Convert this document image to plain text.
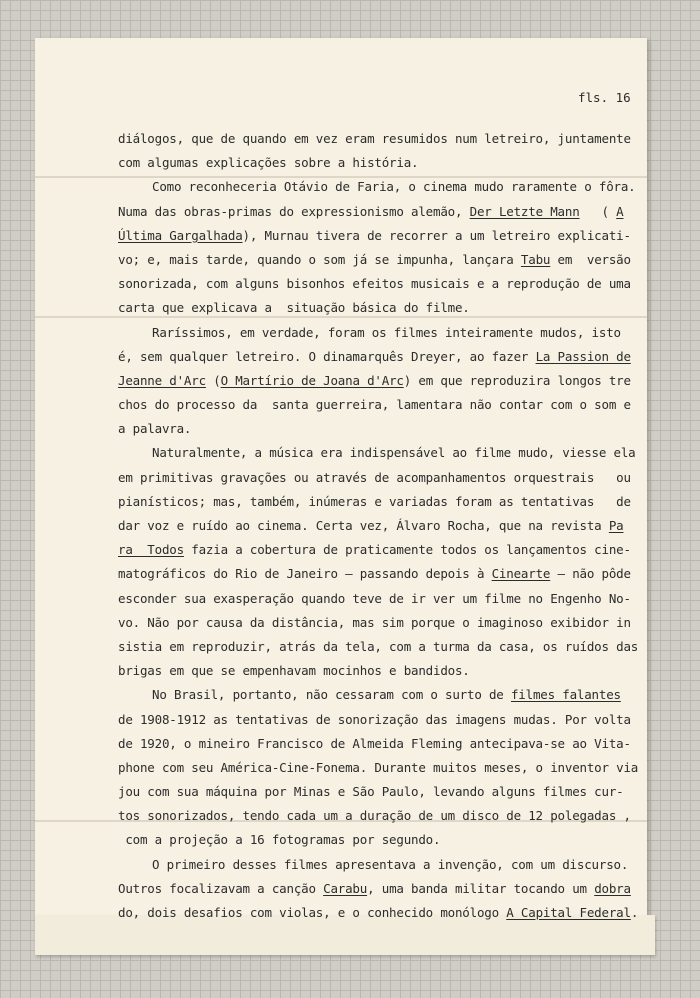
fls. 16
diálogos, que de quando em vez eram resumidos num letreiro, juntamente
com algumas explicações sobre a história.
Como reconheceria Otávio de Faria, o cinema mudo raramente o fôra.
Numa das obras-primas do expressionismo alemão, Der Letzte Mann   ( A
Última Gargalhada), Murnau tivera de recorrer a um letreiro explicati-
vo; e, mais tarde, quando o som já se impunha, lançara Tabu em  versão
sonorizada, com alguns bisonhos efeitos musicais e a reprodução de uma
carta que explicava a  situação básica do filme.
Raríssimos, em verdade, foram os filmes inteiramente mudos, isto
é, sem qualquer letreiro. O dinamarquês Dreyer, ao fazer La Passion de
Jeanne d'Arc (O Martírio de Joana d'Arc) em que reproduzira longos tre
chos do processo da  santa guerreira, lamentara não contar com o som e
a palavra.
Naturalmente, a música era indispensável ao filme mudo, viesse ela
em primitivas gravações ou através de acompanhamentos orquestrais   ou
pianísticos; mas, também, inúmeras e variadas foram as tentativas   de
dar voz e ruído ao cinema. Certa vez, Álvaro Rocha, que na revista Pa
ra  Todos fazia a cobertura de praticamente todos os lançamentos cine-
matográficos do Rio de Janeiro — passando depois à Cinearte — não pôde
esconder sua exasperação quando teve de ir ver um filme no Engenho No-
vo. Não por causa da distância, mas sim porque o imaginoso exibidor in
sistia em reproduzir, atrás da tela, com a turma da casa, os ruídos das
brigas em que se empenhavam mocinhos e bandidos.
No Brasil, portanto, não cessaram com o surto de filmes falantes
de 1908-1912 as tentativas de sonorização das imagens mudas. Por volta
de 1920, o mineiro Francisco de Almeida Fleming antecipava-se ao Vita-
phone com seu América-Cine-Fonema. Durante muitos meses, o inventor via
jou com sua máquina por Minas e São Paulo, levando alguns filmes cur-
tos sonorizados, tendo cada um a duração de um disco de 12 polegadas ,
com a projeção a 16 fotogramas por segundo.
O primeiro desses filmes apresentava a invenção, com um discurso.
Outros focalizavam a canção Carabu, uma banda militar tocando um dobra
do, dois desafios com violas, e o conhecido monólogo A Capital Federal.
